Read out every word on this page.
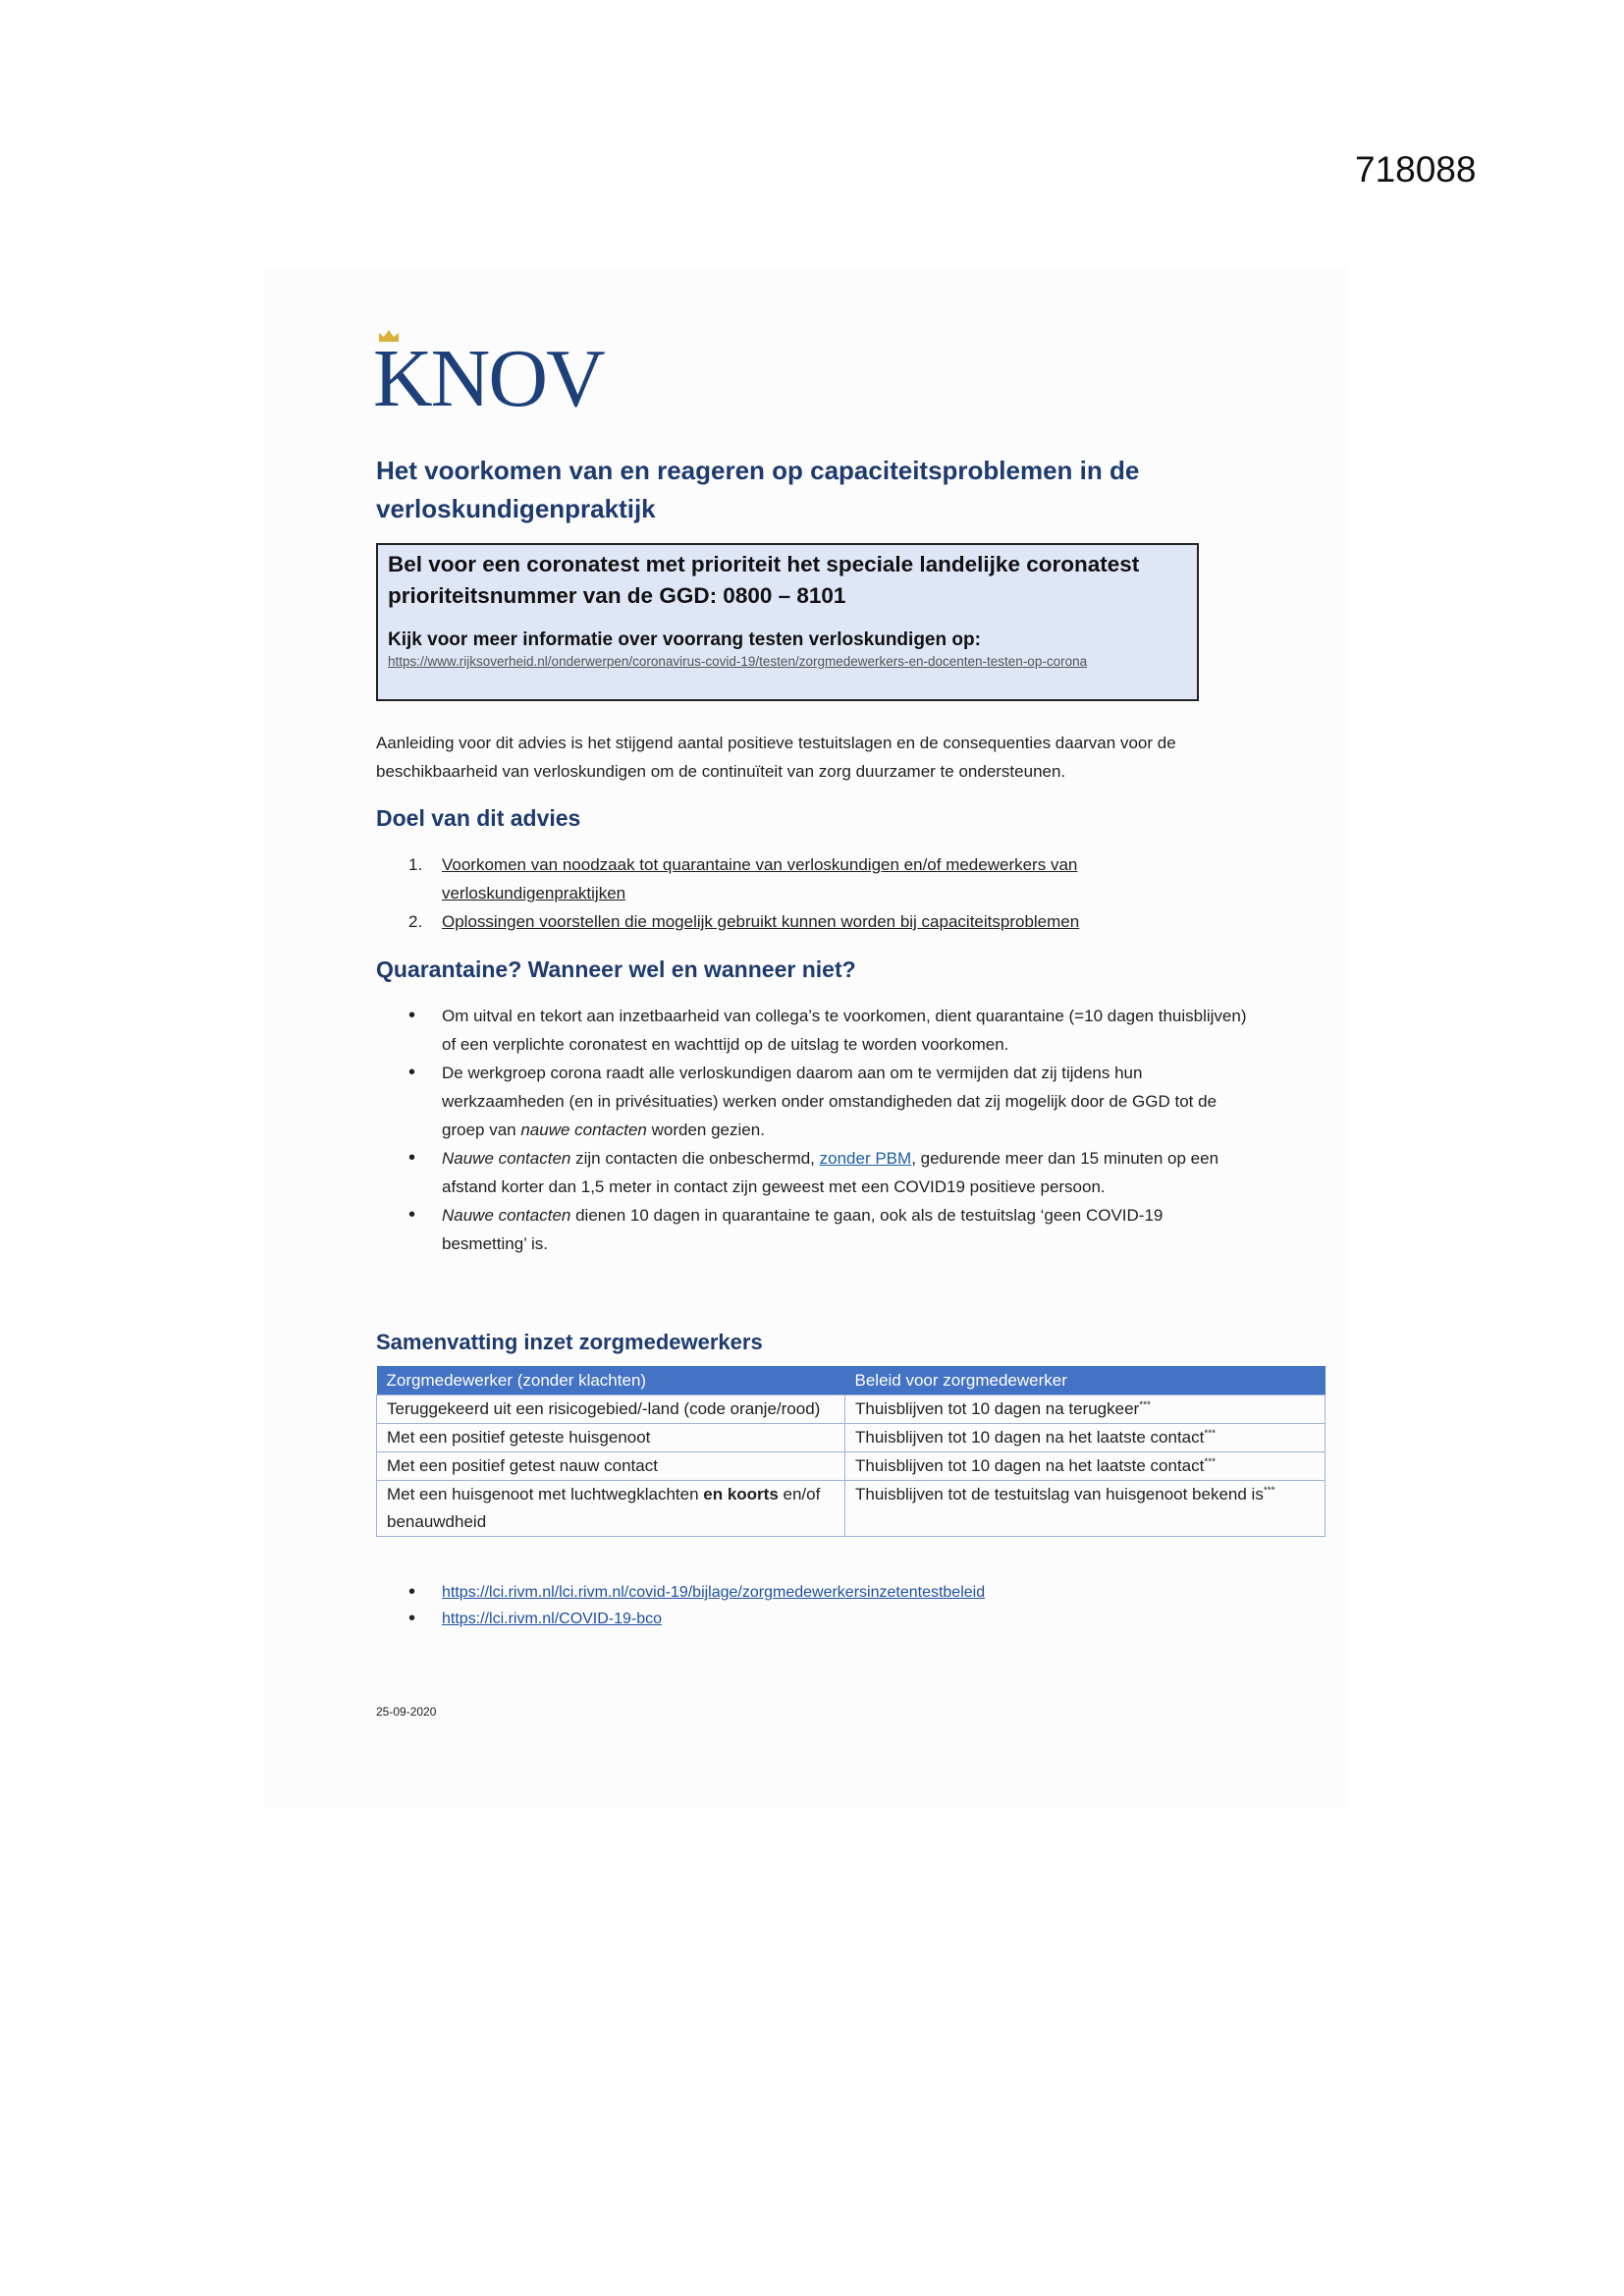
718088
KNOV
Het voorkomen van en reageren op capaciteitsproblemen in de verloskundigenpraktijk
Bel voor een coronatest met prioriteit het speciale landelijke coronatest prioriteitsnummer van de GGD: 0800 – 8101
Kijk voor meer informatie over voorrang testen verloskundigen op:
https://www.rijksoverheid.nl/onderwerpen/coronavirus-covid-19/testen/zorgmedewerkers-en-docenten-testen-op-corona
Aanleiding voor dit advies is het stijgend aantal positieve testuitslagen en de consequenties daarvan voor de beschikbaarheid van verloskundigen om de continuïteit van zorg duurzamer te ondersteunen.
Doel van dit advies
1. Voorkomen van noodzaak tot quarantaine van verloskundigen en/of medewerkers van verloskundigenpraktijken
2. Oplossingen voorstellen die mogelijk gebruikt kunnen worden bij capaciteitsproblemen
Quarantaine? Wanneer wel en wanneer niet?
• Om uitval en tekort aan inzetbaarheid van collega’s te voorkomen, dient quarantaine (=10 dagen thuisblijven) of een verplichte coronatest en wachttijd op de uitslag te worden voorkomen.
• De werkgroep corona raadt alle verloskundigen daarom aan om te vermijden dat zij tijdens hun werkzaamheden (en in privésituaties) werken onder omstandigheden dat zij mogelijk door de GGD tot de groep van nauwe contacten worden gezien.
• Nauwe contacten zijn contacten die onbeschermd, zonder PBM, gedurende meer dan 15 minuten op een afstand korter dan 1,5 meter in contact zijn geweest met een COVID19 positieve persoon.
• Nauwe contacten dienen 10 dagen in quarantaine te gaan, ook als de testuitslag ‘geen COVID-19 besmetting’ is.
Samenvatting inzet zorgmedewerkers
Zorgmedewerker (zonder klachten)	Beleid voor zorgmedewerker
Teruggekeerd uit een risicogebied/-land (code oranje/rood)	Thuisblijven tot 10 dagen na terugkeer***
Met een positief geteste huisgenoot	Thuisblijven tot 10 dagen na het laatste contact***
Met een positief getest nauw contact	Thuisblijven tot 10 dagen na het laatste contact***
Met een huisgenoot met luchtwegklachten en koorts en/of benauwdheid	Thuisblijven tot de testuitslag van huisgenoot bekend is***
• https://lci.rivm.nl/lci.rivm.nl/covid-19/bijlage/zorgmedewerkersinzetentestbeleid
• https://lci.rivm.nl/COVID-19-bco
25-09-2020
